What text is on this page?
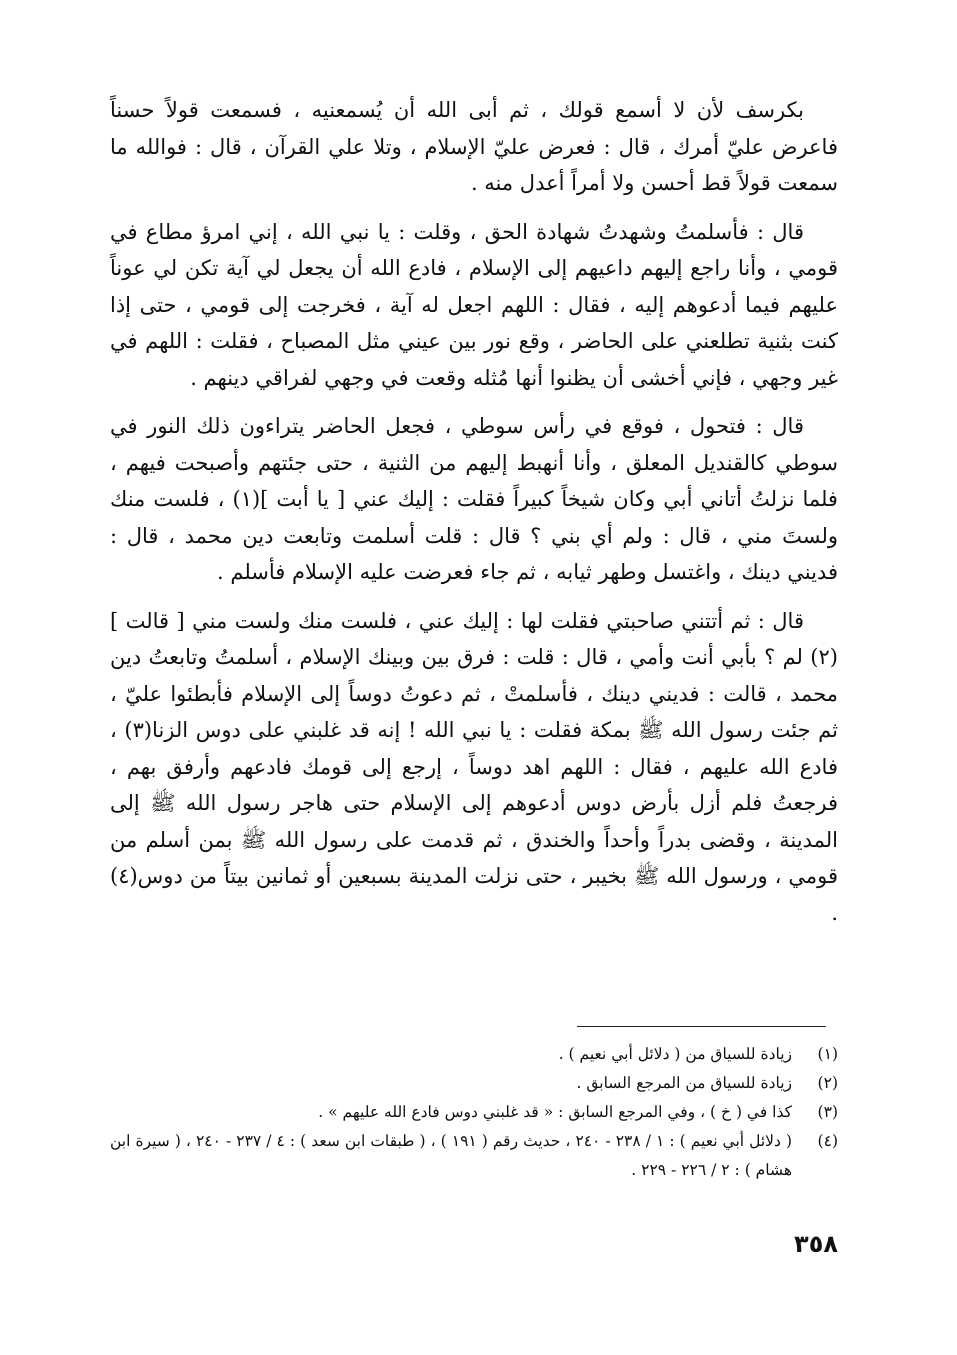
بكرسف لأن لا أسمع قولك ، ثم أبى الله أن يُسمعنيه ، فسمعت قولاً حسناً فاعرض عليّ أمرك ، قال : فعرض عليّ الإسلام ، وتلا علي القرآن ، قال : فوالله ما سمعت قولاً قط أحسن ولا أمراً أعدل منه .

قال : فأسلمتُ وشهدتُ شهادة الحق ، وقلت : يا نبي الله ، إني امرؤ مطاع في قومي ، وأنا راجع إليهم داعيهم إلى الإسلام ، فادع الله أن يجعل لي آية تكن لي عوناً عليهم فيما أدعوهم إليه ، فقال : اللهم اجعل له آية ، فخرجت إلى قومي ، حتى إذا كنت بثنية تطلعني على الحاضر ، وقع نور بين عيني مثل المصباح ، فقلت : اللهم في غير وجهي ، فإني أخشى أن يظنوا أنها مُثله وقعت في وجهي لفراقي دينهم .

قال : فتحول ، فوقع في رأس سوطي ، فجعل الحاضر يتراءون ذلك النور في سوطي كالقنديل المعلق ، وأنا أنهبط إليهم من الثنية ، حتى جئتهم وأصبحت فيهم ، فلما نزلتُ أتاني أبي وكان شيخاً كبيراً فقلت : إليك عني [ يا أبت ](١) ، فلست منك ولستَ مني ، قال : ولم أي بني ؟ قال : قلت أسلمت وتابعت دين محمد ، قال : فديني دينك ، واغتسل وطهر ثيابه ، ثم جاء فعرضت عليه الإسلام فأسلم .

قال : ثم أتتني صاحبتي فقلت لها : إليك عني ، فلست منك ولست مني [ قالت ](٢) لم ؟ بأبي أنت وأمي ، قال : قلت : فرق بين وبينك الإسلام ، أسلمتُ وتابعتُ دين محمد ، قالت : فديني دينك ، فأسلمتْ ، ثم دعوتُ دوساً إلى الإسلام فأبطئوا عليّ ، ثم جئت رسول الله ﷺ بمكة فقلت : يا نبي الله ! إنه قد غلبني على دوس الزنا(٣) ، فادع الله عليهم ، فقال : اللهم اهد دوساً ، إرجع إلى قومك فادعهم وأرفق بهم ، فرجعتُ فلم أزل بأرض دوس أدعوهم إلى الإسلام حتى هاجر رسول الله ﷺ إلى المدينة ، وقضى بدراً وأحداً والخندق ، ثم قدمت على رسول الله ﷺ بمن أسلم من قومي ، ورسول الله ﷺ بخيبر ، حتى نزلت المدينة بسبعين أو ثمانين بيتاً من دوس(٤) .

(١)
زيادة للسياق من ( دلائل أبي نعيم ) .
(٢)
زيادة للسياق من المرجع السابق .
(٣)
كذا في ( خ ) ، وفي المرجع السابق : « قد غلبني دوس فادع الله عليهم » .
(٤)
( دلائل أبي نعيم ) : ١ / ٢٣٨ - ٢٤٠ ، حديث رقم ( ١٩١ ) ، ( طبقات ابن سعد ) : ٤ / ٢٣٧ - ٢٤٠ ، ( سيرة ابن هشام ) : ٢ / ٢٢٦ - ٢٢٩ .
٣٥٨
